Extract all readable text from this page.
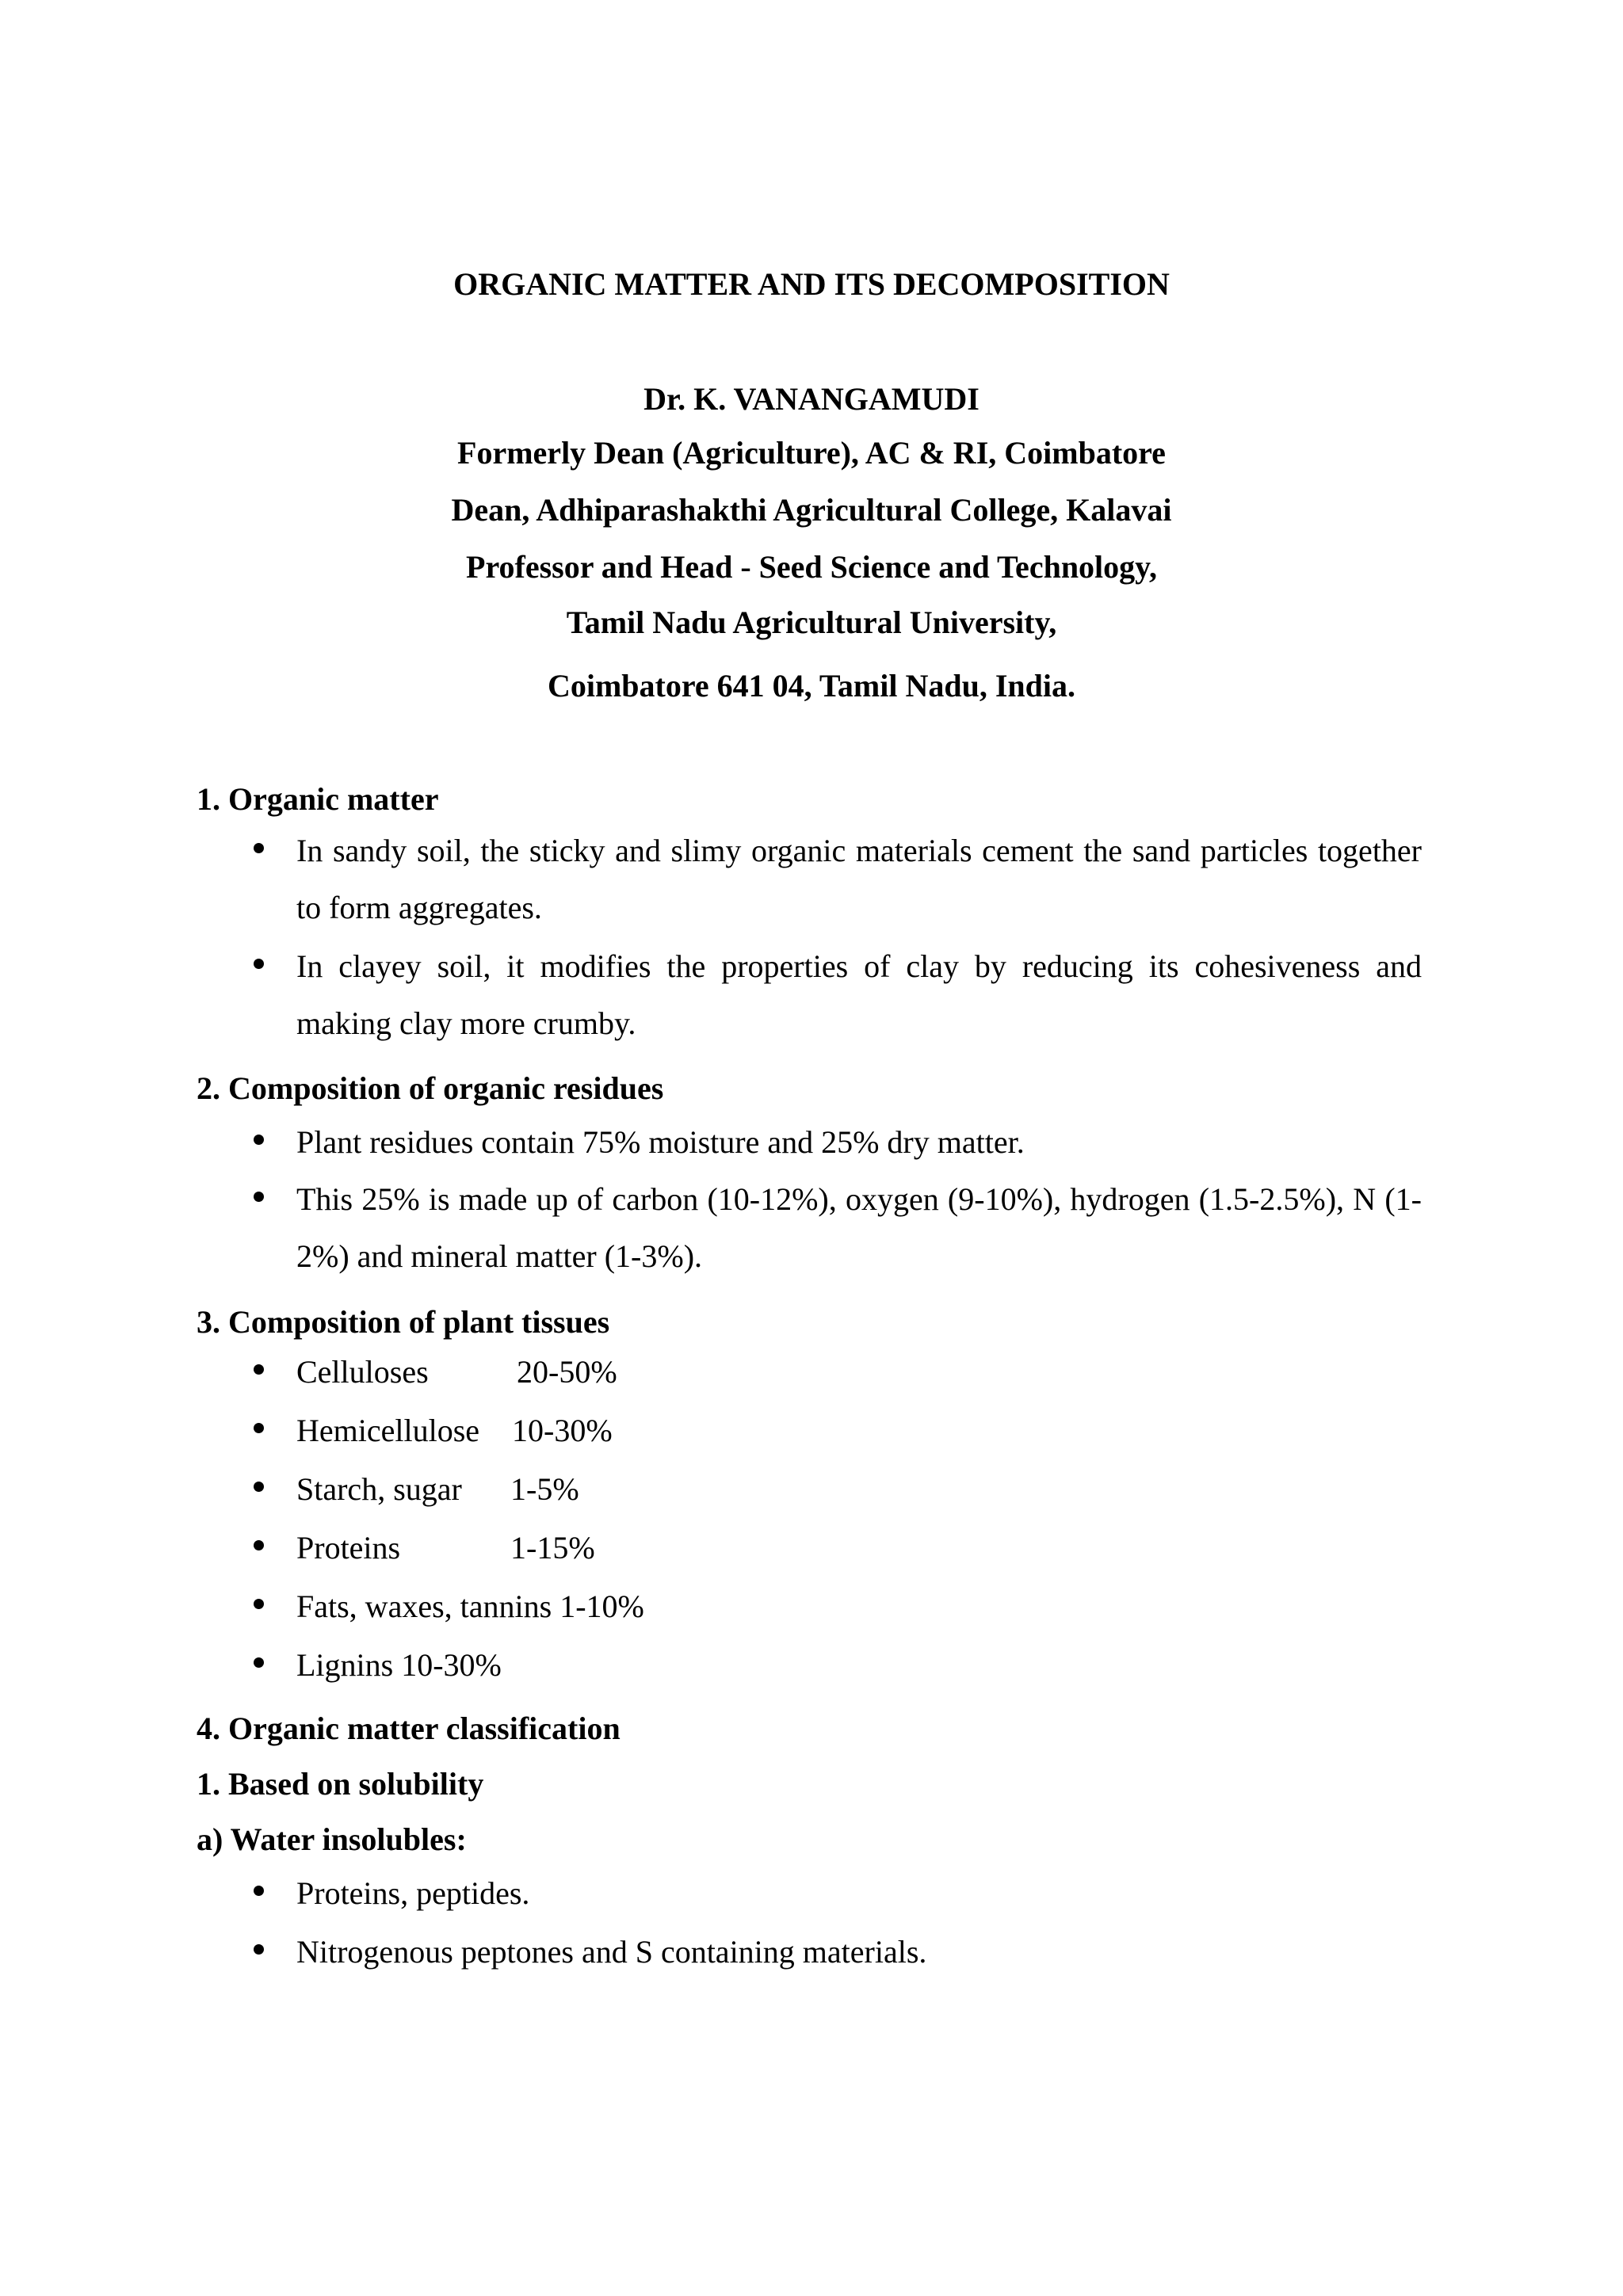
ORGANIC MATTER AND ITS DECOMPOSITION
Dr. K. VANANGAMUDI
Formerly Dean (Agriculture), AC & RI, Coimbatore
Dean, Adhiparashakthi Agricultural College, Kalavai
Professor and Head - Seed Science and Technology,
Tamil Nadu Agricultural University,
Coimbatore 641 04, Tamil Nadu, India.
1. Organic matter
In sandy soil, the sticky and slimy organic materials cement the sand particles together
to form aggregates.
In clayey soil, it modifies the properties of clay by reducing its cohesiveness and
making clay more crumby.
2. Composition of organic residues
Plant residues contain 75% moisture and 25% dry matter.
This 25% is made up of carbon (10-12%), oxygen (9-10%), hydrogen (1.5-2.5%), N (1-
2%) and mineral matter (1-3%).
3. Composition of plant tissues
Celluloses	20-50%
Hemicellulose 10-30%
Starch, sugar 1-5%
Proteins	1-15%
Fats, waxes, tannins 1-10%
Lignins 10-30%
4. Organic matter classification
1. Based on solubility
a) Water insolubles:
Proteins, peptides.
Nitrogenous peptones and S containing materials.
